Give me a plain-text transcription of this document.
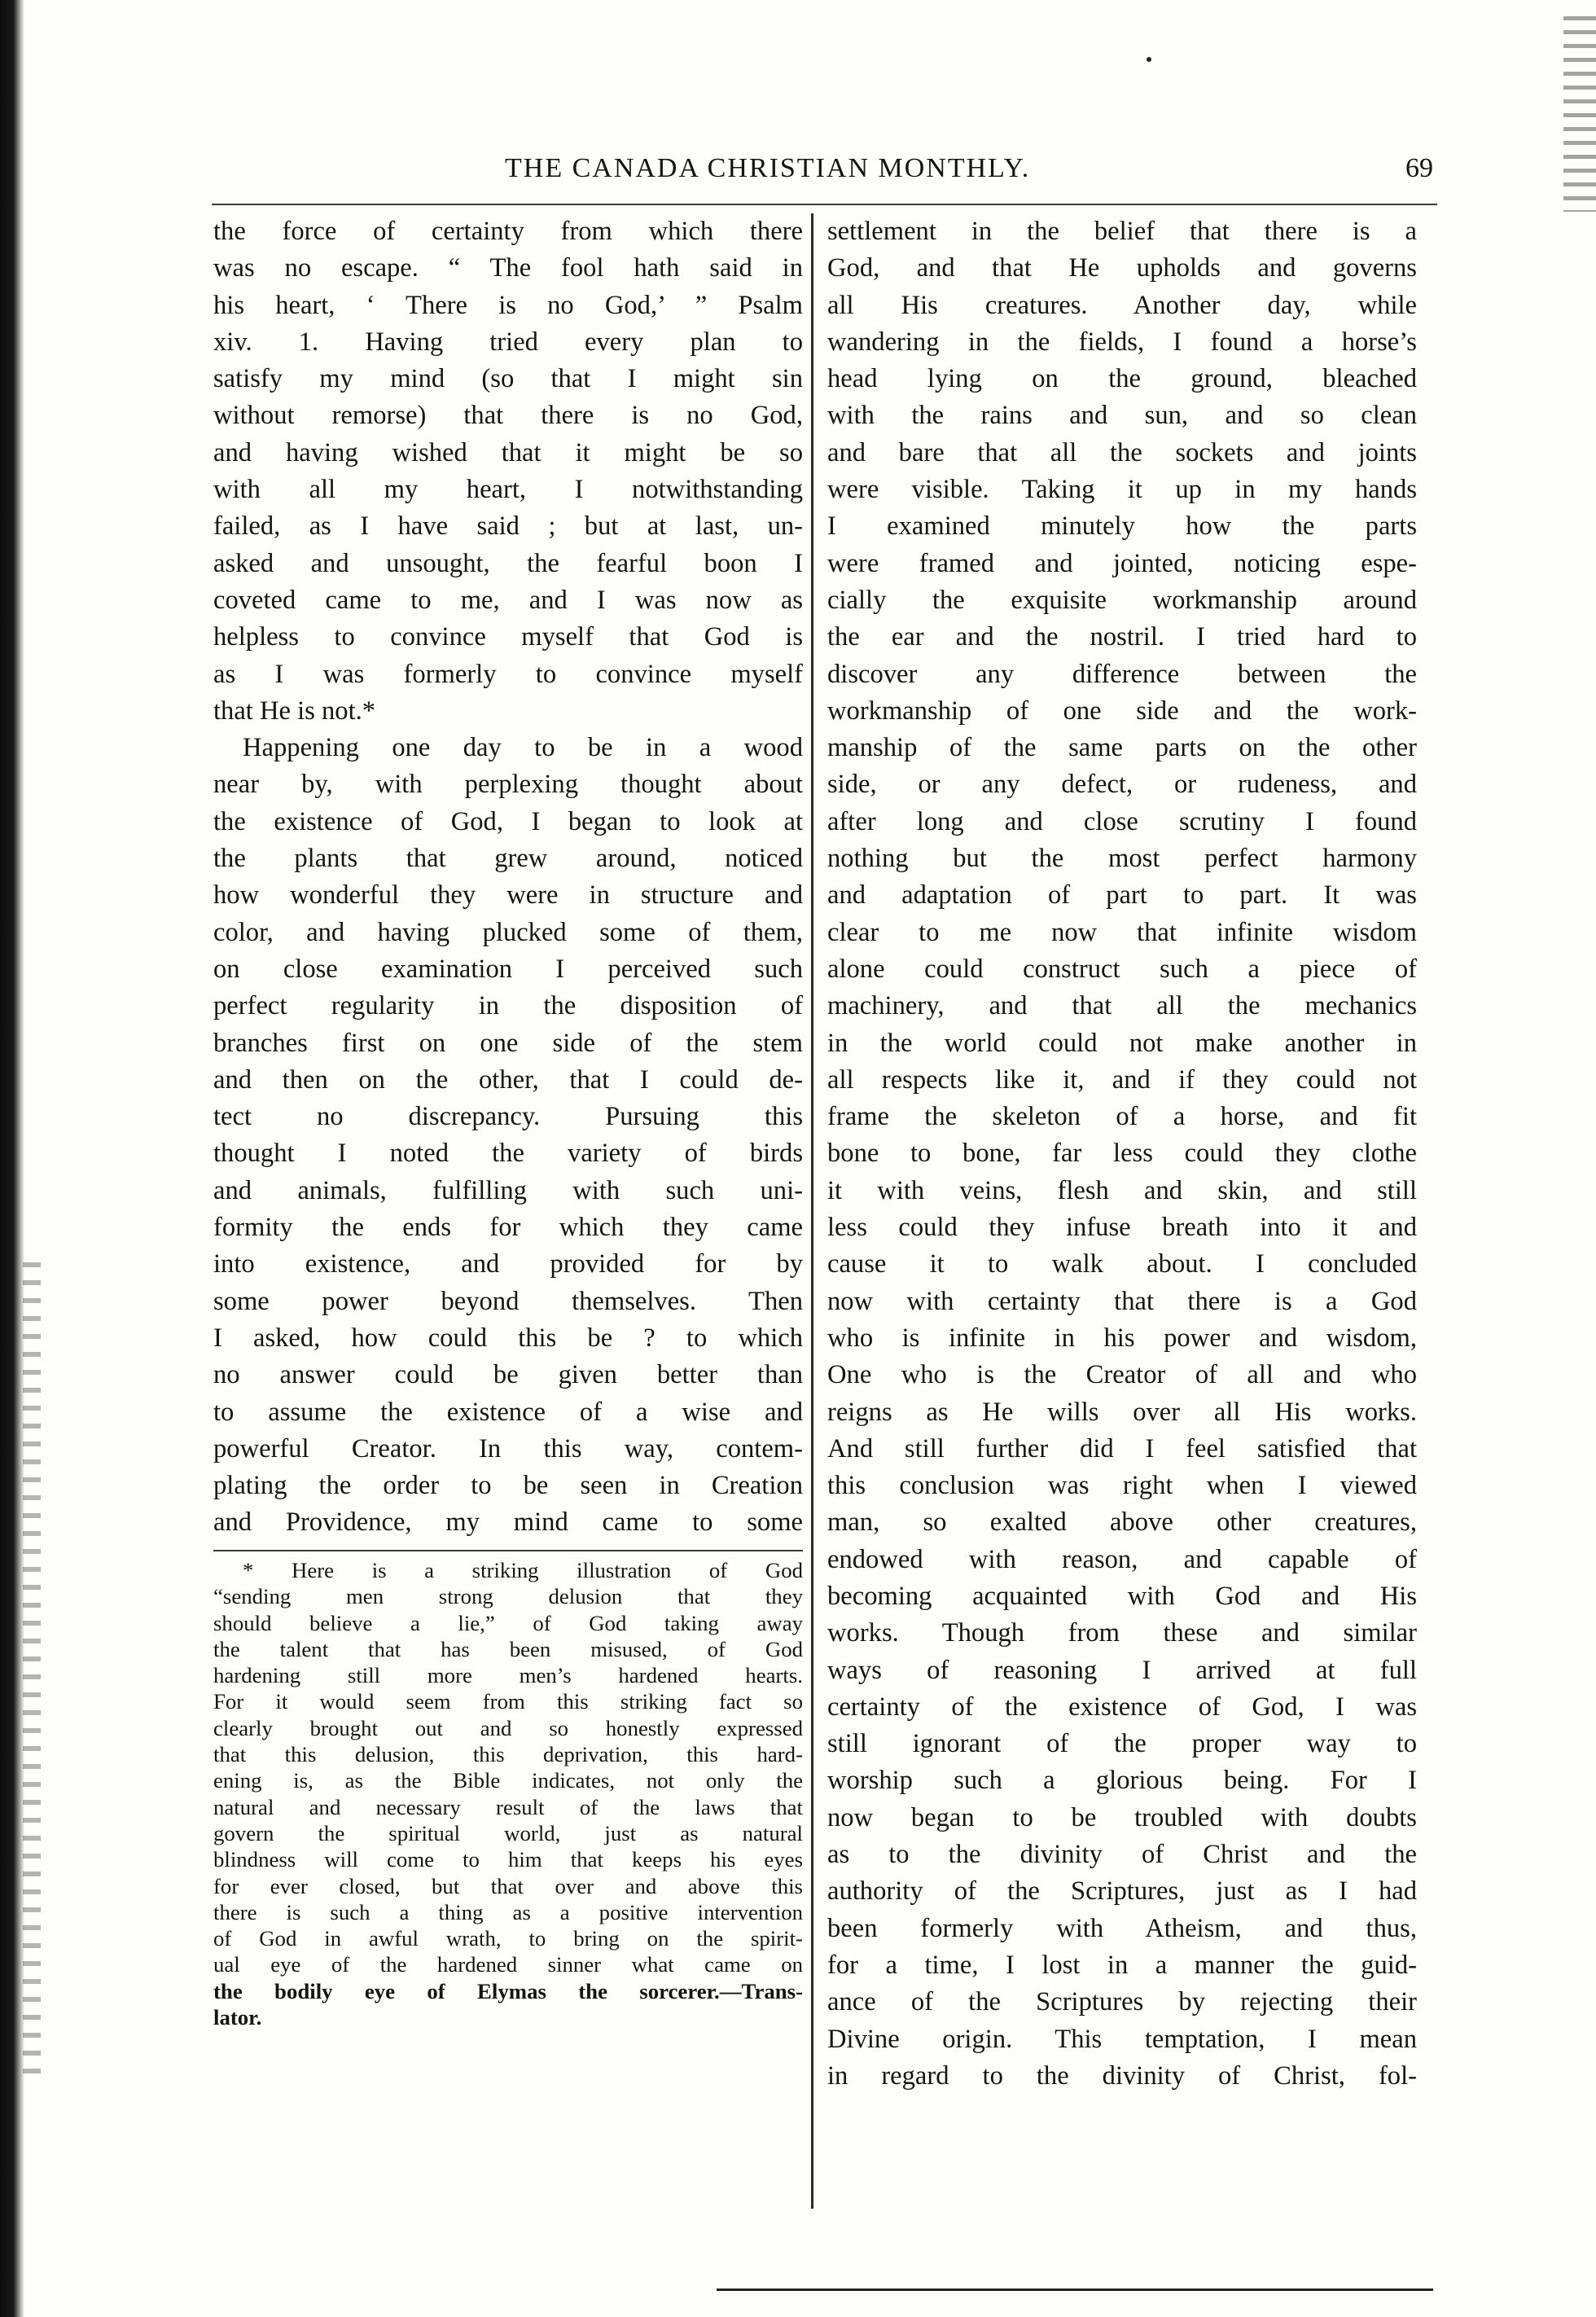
THE CANADA CHRISTIAN MONTHLY.	69
the force of certainty from which there
was no escape. “ The fool hath said in
his heart, ‘ There is no God,’ ” Psalm
xiv. 1. Having tried every plan to
satisfy my mind (so that I might sin
without remorse) that there is no God,
and having wished that it might be so
with all my heart, I notwithstanding
failed, as I have said ; but at last, un-
asked and unsought, the fearful boon I
coveted came to me, and I was now as
helpless to convince myself that God is
as I was formerly to convince myself
that He is not.*
Happening one day to be in a wood
near by, with perplexing thought about
the existence of God, I began to look at
the plants that grew around, noticed
how wonderful they were in structure and
color, and having plucked some of them,
on close examination I perceived such
perfect regularity in the disposition of
branches first on one side of the stem
and then on the other, that I could de-
tect no discrepancy. Pursuing this
thought I noted the variety of birds
and animals, fulfilling with such uni-
formity the ends for which they came
into existence, and provided for by
some power beyond themselves. Then
I asked, how could this be ? to which
no answer could be given better than
to assume the existence of a wise and
powerful Creator. In this way, contem-
plating the order to be seen in Creation
and Providence, my mind came to some
* Here is a striking illustration of God
“sending men strong delusion that they
should believe a lie,” of God taking away
the talent that has been misused, of God
hardening still more men’s hardened hearts.
For it would seem from this striking fact so
clearly brought out and so honestly expressed
that this delusion, this deprivation, this hard-
ening is, as the Bible indicates, not only the
natural and necessary result of the laws that
govern the spiritual world, just as natural
blindness will come to him that keeps his eyes
for ever closed, but that over and above this
there is such a thing as a positive intervention
of God in awful wrath, to bring on the spirit-
ual eye of the hardened sinner what came on
the bodily eye of Elymas the sorcerer.—Trans-
lator.
settlement in the belief that there is a
God, and that He upholds and governs
all His creatures. Another day, while
wandering in the fields, I found a horse’s
head lying on the ground, bleached
with the rains and sun, and so clean
and bare that all the sockets and joints
were visible. Taking it up in my hands
I examined minutely how the parts
were framed and jointed, noticing espe-
cially the exquisite workmanship around
the ear and the nostril. I tried hard to
discover any difference between the
workmanship of one side and the work-
manship of the same parts on the other
side, or any defect, or rudeness, and
after long and close scrutiny I found
nothing but the most perfect harmony
and adaptation of part to part. It was
clear to me now that infinite wisdom
alone could construct such a piece of
machinery, and that all the mechanics
in the world could not make another in
all respects like it, and if they could not
frame the skeleton of a horse, and fit
bone to bone, far less could they clothe
it with veins, flesh and skin, and still
less could they infuse breath into it and
cause it to walk about. I concluded
now with certainty that there is a God
who is infinite in his power and wisdom,
One who is the Creator of all and who
reigns as He wills over all His works.
And still further did I feel satisfied that
this conclusion was right when I viewed
man, so exalted above other creatures,
endowed with reason, and capable of
becoming acquainted with God and His
works. Though from these and similar
ways of reasoning I arrived at full
certainty of the existence of God, I was
still ignorant of the proper way to
worship such a glorious being. For I
now began to be troubled with doubts
as to the divinity of Christ and the
authority of the Scriptures, just as I had
been formerly with Atheism, and thus,
for a time, I lost in a manner the guid-
ance of the Scriptures by rejecting their
Divine origin. This temptation, I mean
in regard to the divinity of Christ, fol-
